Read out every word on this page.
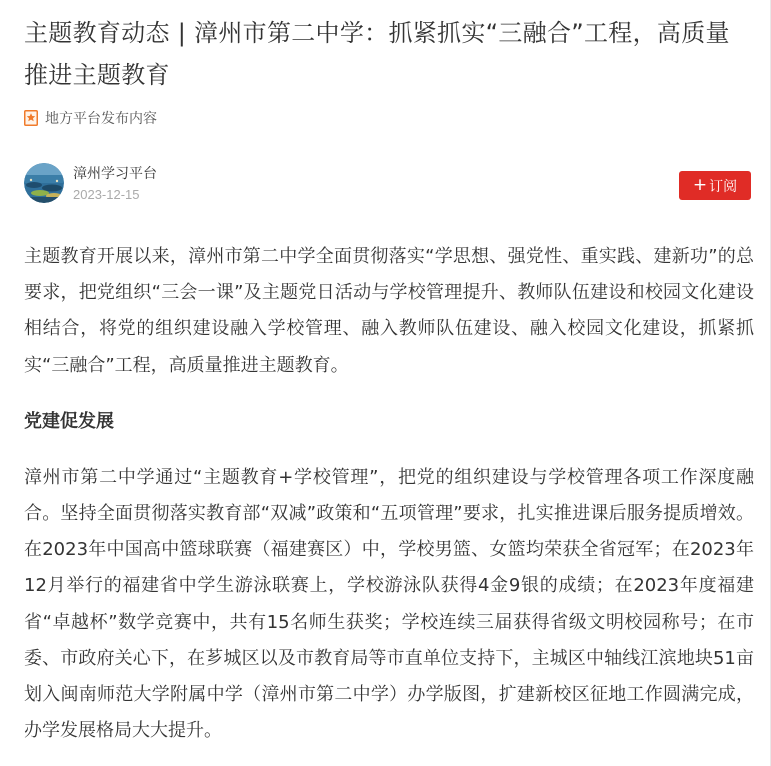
主题教育动态 | 漳州市第二中学：抓紧抓实“三融合”工程，高质量推进主题教育
地方平台发布内容
漳州学习平台
2023-12-15	+ 订阅

主题教育开展以来，漳州市第二中学全面贯彻落实“学思想、强党性、重实践、建新功”的总要求，把党组织“三会一课”及主题党日活动与学校管理提升、教师队伍建设和校园文化建设相结合，将党的组织建设融入学校管理、融入教师队伍建设、融入校园文化建设，抓紧抓实“三融合”工程，高质量推进主题教育。

党建促发展

漳州市第二中学通过“主题教育+学校管理”，把党的组织建设与学校管理各项工作深度融合。坚持全面贯彻落实教育部“双减”政策和“五项管理”要求，扎实推进课后服务提质增效。在2023年中国高中篮球联赛（福建赛区）中，学校男篮、女篮均荣获全省冠军；在2023年12月举行的福建省中学生游泳联赛上，学校游泳队获得4金9银的成绩；在2023年度福建省“卓越杯”数学竞赛中，共有15名师生获奖；学校连续三届获得省级文明校园称号；在市委、市政府关心下，在芗城区以及市教育局等市直单位支持下，主城区中轴线江滨地块51亩划入闽南师范大学附属中学（漳州市第二中学）办学版图，扩建新校区征地工作圆满完成，办学发展格局大大提升。
